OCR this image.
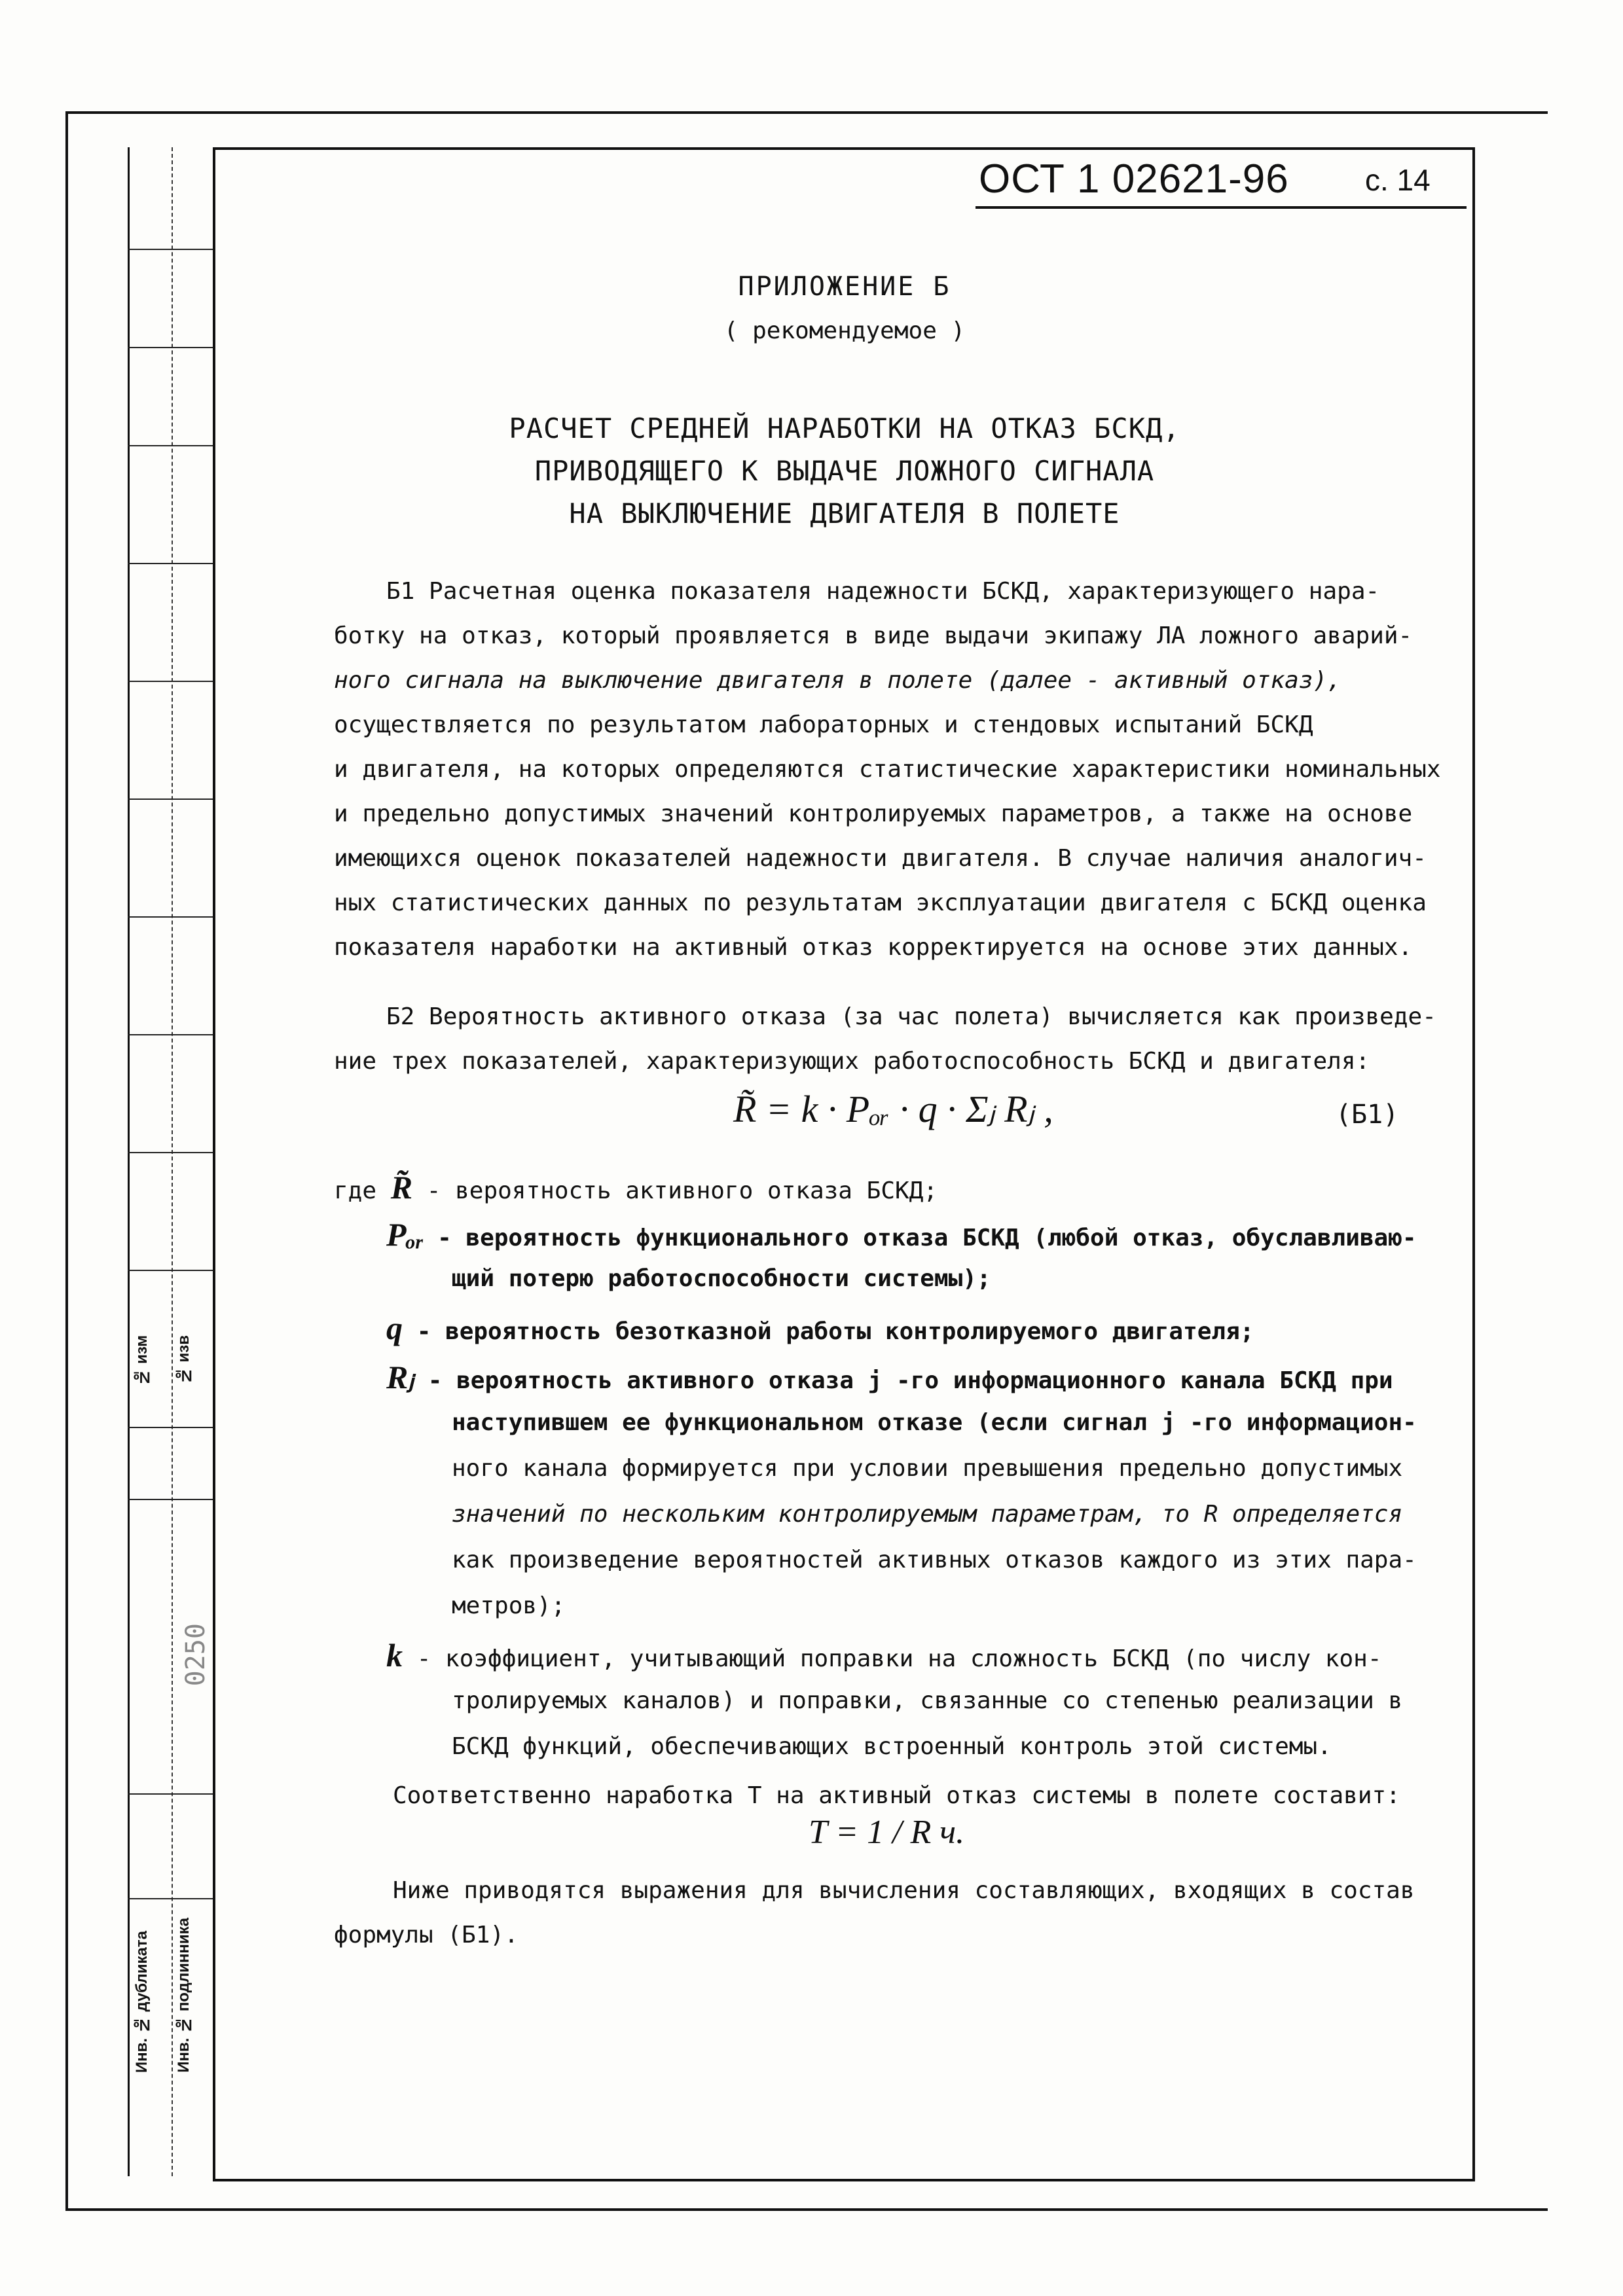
№ изм № изв
0250
Инв. № дубликата Инв. № подлинника
ОСТ 1 02621-96	с. 14
ПРИЛОЖЕНИЕ Б
( рекомендуемое )
РАСЧЕТ СРЕДНЕЙ НАРАБОТКИ НА ОТКАЗ БСКД,
ПРИВОДЯЩЕГО К ВЫДАЧЕ ЛОЖНОГО СИГНАЛА
НА ВЫКЛЮЧЕНИЕ ДВИГАТЕЛЯ В ПОЛЕТЕ
Б1 Расчетная оценка показателя надежности БСКД, характеризующего нара-
ботку на отказ, который проявляется в виде выдачи экипажу ЛА ложного аварий-
ного сигнала на выключение двигателя в полете (далее - активный отказ),
осуществляется по результатом лабораторных и стендовых испытаний БСКД
и двигателя, на которых определяются статистические характеристики номинальных
и предельно допустимых значений контролируемых параметров, а также на основе
имеющихся оценок показателей надежности двигателя. В случае наличия аналогич-
ных статистических данных по результатам эксплуатации двигателя с БСКД оценка
показателя наработки на активный отказ корректируется на основе этих данных.
Б2 Вероятность активного отказа (за час полета) вычисляется как произведе-
ние трех показателей, характеризующих работоспособность БСКД и двигателя:
R̃ = k · Pₒᵣ · q · Σⱼ Rⱼ ,	(Б1)
где R̃ - вероятность активного отказа БСКД;
Pₒᵣ - вероятность функционального отказа БСКД (любой отказ, обуславливаю-
щий потерю работоспособности системы);
q - вероятность безотказной работы контролируемого двигателя;
Rⱼ - вероятность активного отказа j -го информационного канала БСКД при
наступившем ее функциональном отказе (если сигнал j -го информацион-
ного канала формируется при условии превышения предельно допустимых
значений по нескольким контролируемым параметрам, то R определяется
как произведение вероятностей активных отказов каждого из этих пара-
метров);
k - коэффициент, учитывающий поправки на сложность БСКД (по числу кон-
тролируемых каналов) и поправки, связанные со степенью реализации в
БСКД функций, обеспечивающих встроенный контроль этой системы.
Соответственно наработка T на активный отказ системы в полете составит:
T = 1 / R ч.
Ниже приводятся выражения для вычисления составляющих, входящих в состав
формулы (Б1).
